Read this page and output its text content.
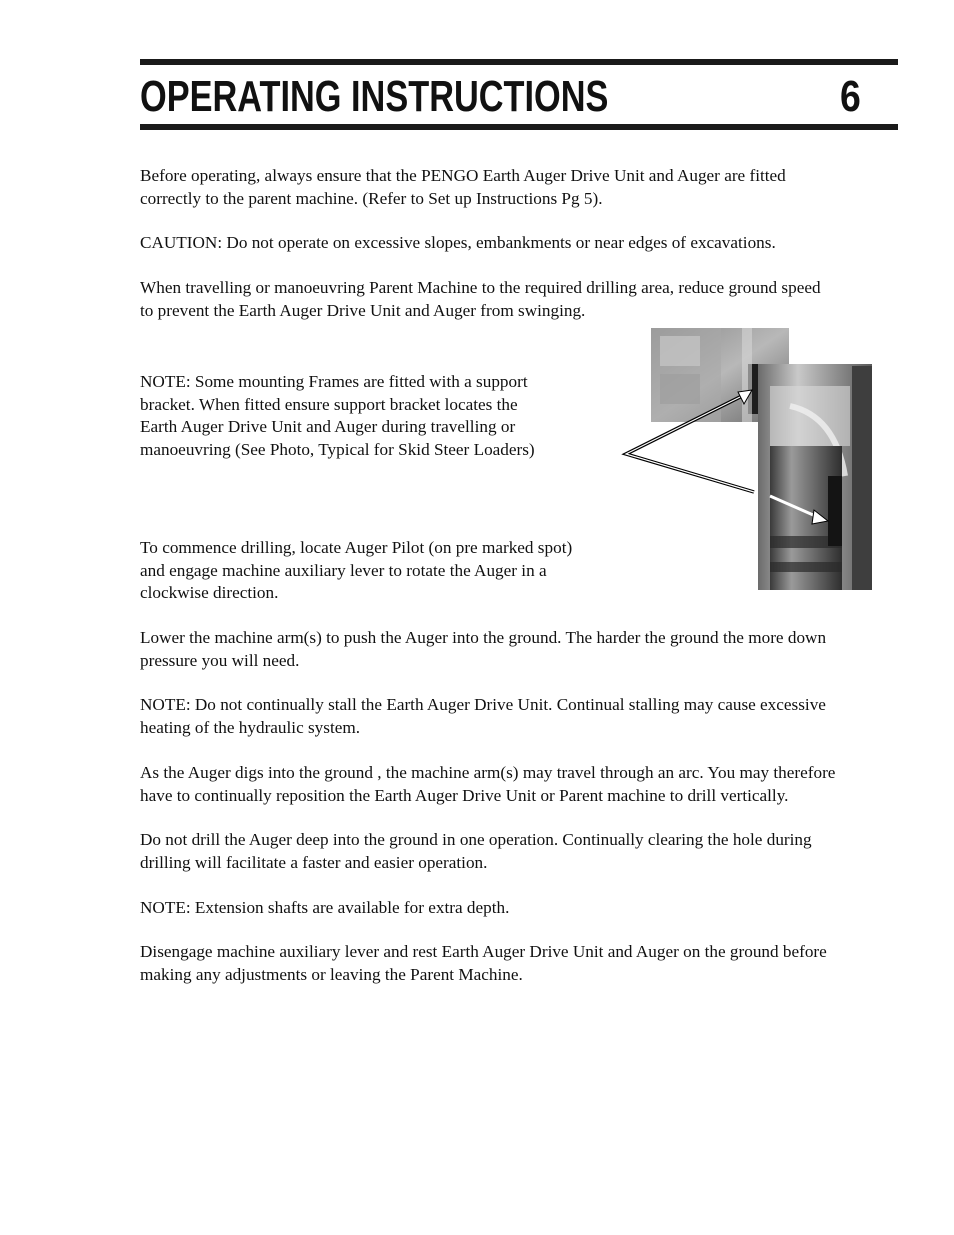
OPERATING INSTRUCTIONS	6

Before operating, always ensure that the PENGO Earth Auger Drive Unit and Auger are fitted
correctly to the parent machine. (Refer to Set up Instructions Pg 5).

CAUTION: Do not operate on excessive slopes, embankments or near edges of excavations.

When travelling or manoeuvring Parent Machine to the required drilling area, reduce ground speed
to prevent the Earth Auger Drive Unit and Auger from swinging.

NOTE: Some mounting Frames are fitted with a support
bracket. When fitted ensure support bracket locates the
Earth Auger Drive Unit and Auger during travelling or
manoeuvring (See Photo, Typical for Skid Steer Loaders)

To commence drilling, locate Auger Pilot (on pre marked spot)
and engage machine auxiliary lever to rotate the Auger in a
clockwise direction.

Lower the machine arm(s) to push the Auger into the ground. The harder the ground the more down
pressure you will need.

NOTE: Do not continually stall the Earth Auger Drive Unit. Continual stalling may cause excessive
heating of the hydraulic system.

As the Auger digs into the ground , the machine arm(s) may travel through an arc. You may therefore
have to continually reposition the Earth Auger Drive Unit or Parent machine to drill vertically.

Do not drill the Auger deep into the ground in one operation. Continually clearing the hole during
drilling will facilitate a faster and easier operation.

NOTE: Extension shafts are available for extra depth.

Disengage machine auxiliary lever and rest Earth Auger Drive Unit and Auger on the ground before
making any adjustments or leaving the Parent Machine.
